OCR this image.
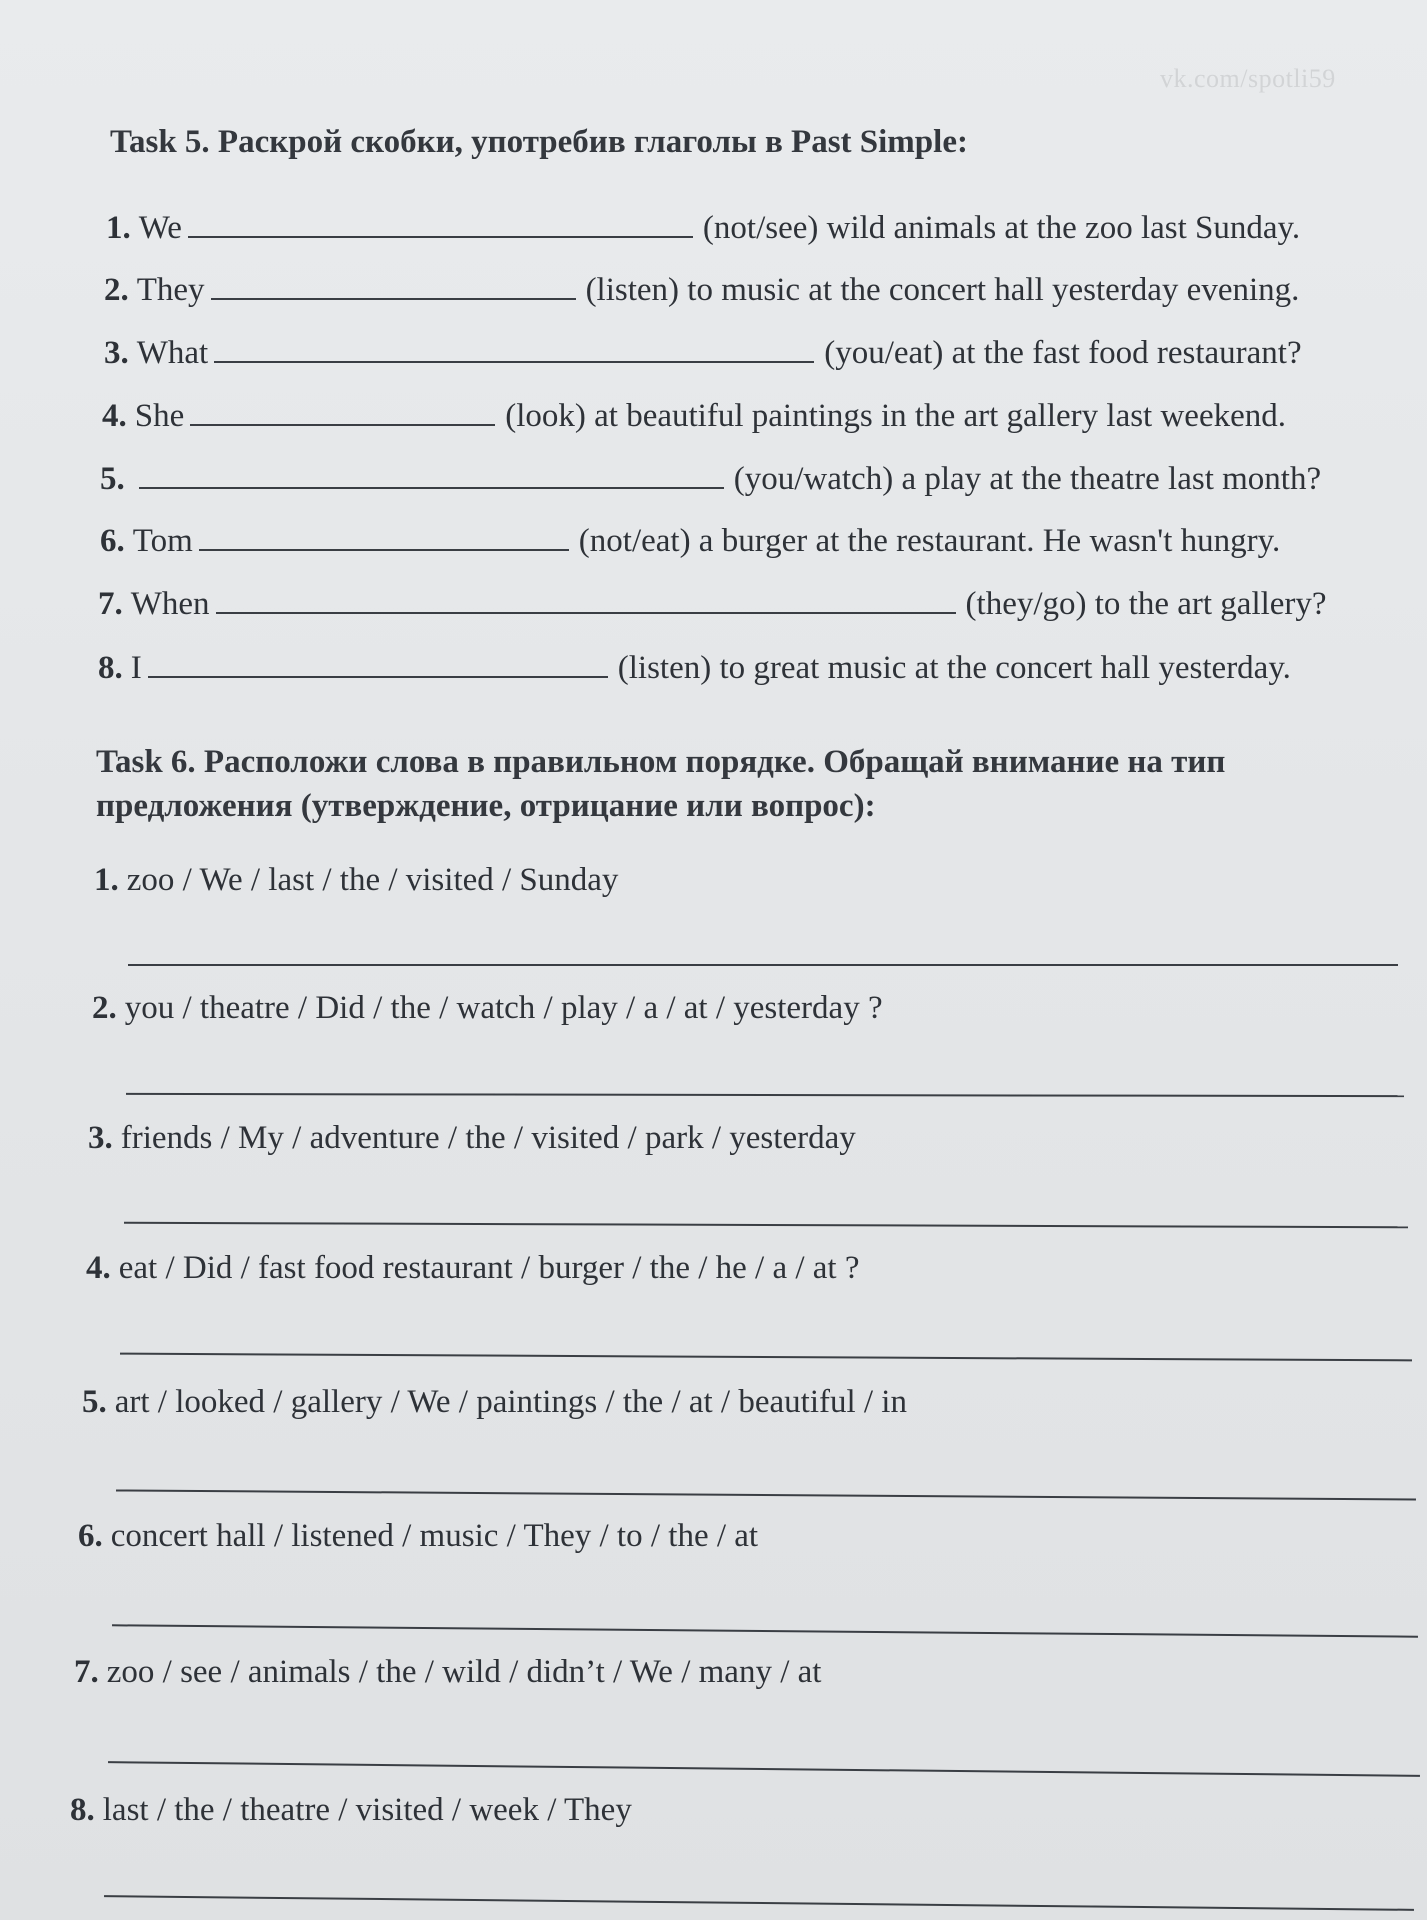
vk.com/spotli59
Task 5. Раскрой скобки, употребив глаголы в Past Simple:
1. We	(not/see) wild animals at the zoo last Sunday.
2. They	(listen) to music at the concert hall yesterday evening.
3. What	(you/eat) at the fast food restaurant?
4. She	(look) at beautiful paintings in the art gallery last weekend.
5.	(you/watch) a play at the theatre last month?
6. Tom	(not/eat) a burger at the restaurant. He wasn't hungry.
7. When	(they/go) to the art gallery?
8. I	(listen) to great music at the concert hall yesterday.
Task 6. Расположи слова в правильном порядке. Обращай внимание на тип предложения (утверждение, отрицание или вопрос):
1. zoo / We / last / the / visited / Sunday
2. you / theatre / Did / the / watch / play / a / at / yesterday ?
3. friends / My / adventure / the / visited / park / yesterday
4. eat / Did / fast food restaurant / burger / the / he / a / at ?
5. art / looked / gallery / We / paintings / the / at / beautiful / in
6. concert hall / listened / music / They / to / the / at
7. zoo / see / animals / the / wild / didn’t / We / many / at
8. last / the / theatre / visited / week / They
